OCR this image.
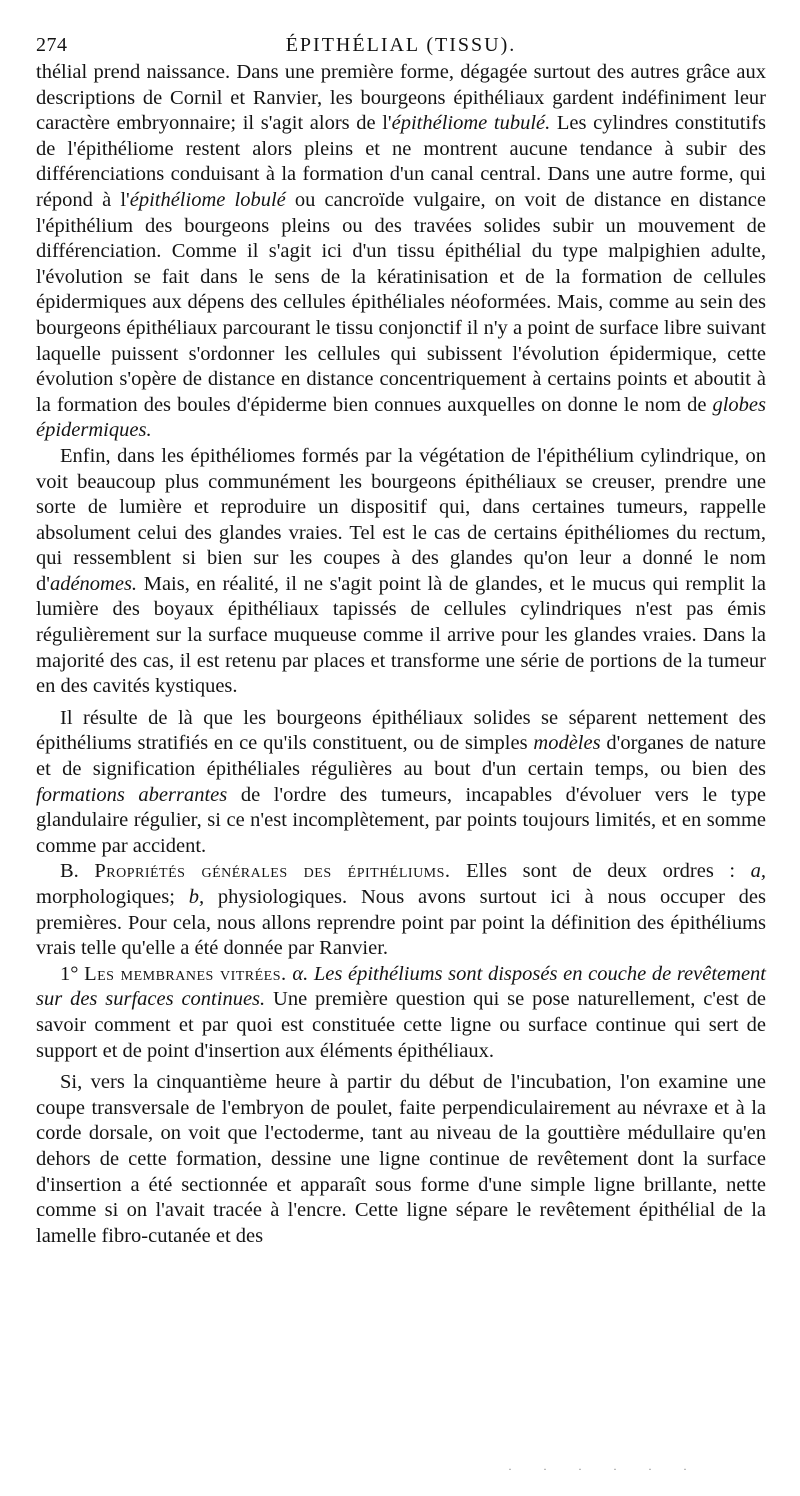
274	ÉPITHÉLIAL (TISSU).

thélial prend naissance. Dans une première forme, dégagée surtout des autres grâce aux descriptions de Cornil et Ranvier, les bourgeons épithéliaux gardent indéfiniment leur caractère embryonnaire; il s'agit alors de l'épithéliome tubulé. Les cylindres constitutifs de l'épithéliome restent alors pleins et ne montrent aucune tendance à subir des différenciations conduisant à la formation d'un canal central. Dans une autre forme, qui répond à l'épithéliome lobulé ou cancroïde vulgaire, on voit de distance en distance l'épithélium des bourgeons pleins ou des travées solides subir un mouvement de différenciation. Comme il s'agit ici d'un tissu épithélial du type malpighien adulte, l'évolution se fait dans le sens de la kératinisation et de la formation de cellules épidermiques aux dépens des cellules épithéliales néoformées. Mais, comme au sein des bourgeons épithéliaux parcourant le tissu conjonctif il n'y a point de surface libre suivant laquelle puissent s'ordonner les cellules qui subissent l'évolution épidermique, cette évolution s'opère de distance en distance concentriquement à certains points et aboutit à la formation des boules d'épiderme bien connues auxquelles on donne le nom de globes épidermiques.

Enfin, dans les épithéliomes formés par la végétation de l'épithélium cylindrique, on voit beaucoup plus communément les bourgeons épithéliaux se creuser, prendre une sorte de lumière et reproduire un dispositif qui, dans certaines tumeurs, rappelle absolument celui des glandes vraies. Tel est le cas de certains épithéliomes du rectum, qui ressemblent si bien sur les coupes à des glandes qu'on leur a donné le nom d'adénomes. Mais, en réalité, il ne s'agit point là de glandes, et le mucus qui remplit la lumière des boyaux épithéliaux tapissés de cellules cylindriques n'est pas émis régulièrement sur la surface muqueuse comme il arrive pour les glandes vraies. Dans la majorité des cas, il est retenu par places et transforme une série de portions de la tumeur en des cavités kystiques.

Il résulte de là que les bourgeons épithéliaux solides se séparent nettement des épithéliums stratifiés en ce qu'ils constituent, ou de simples modèles d'organes de nature et de signification épithéliales régulières au bout d'un certain temps, ou bien des formations aberrantes de l'ordre des tumeurs, incapables d'évoluer vers le type glandulaire régulier, si ce n'est incomplètement, par points toujours limités, et en somme comme par accident.

B. Propriétés générales des épithéliums. Elles sont de deux ordres : a, morphologiques; b, physiologiques. Nous avons surtout ici à nous occuper des premières. Pour cela, nous allons reprendre point par point la définition des épithéliums vrais telle qu'elle a été donnée par Ranvier.

1° Les membranes vitrées. α. Les épithéliums sont disposés en couche de revêtement sur des surfaces continues. Une première question qui se pose naturellement, c'est de savoir comment et par quoi est constituée cette ligne ou surface continue qui sert de support et de point d'insertion aux éléments épithéliaux.

Si, vers la cinquantième heure à partir du début de l'incubation, l'on examine une coupe transversale de l'embryon de poulet, faite perpendiculairement au névraxe et à la corde dorsale, on voit que l'ectoderme, tant au niveau de la gouttière médullaire qu'en dehors de cette formation, dessine une ligne continue de revêtement dont la surface d'insertion a été sectionnée et apparaît sous forme d'une simple ligne brillante, nette comme si on l'avait tracée à l'encre. Cette ligne sépare le revêtement épithélial de la lamelle fibro-cutanée et des

· · · · · ·
